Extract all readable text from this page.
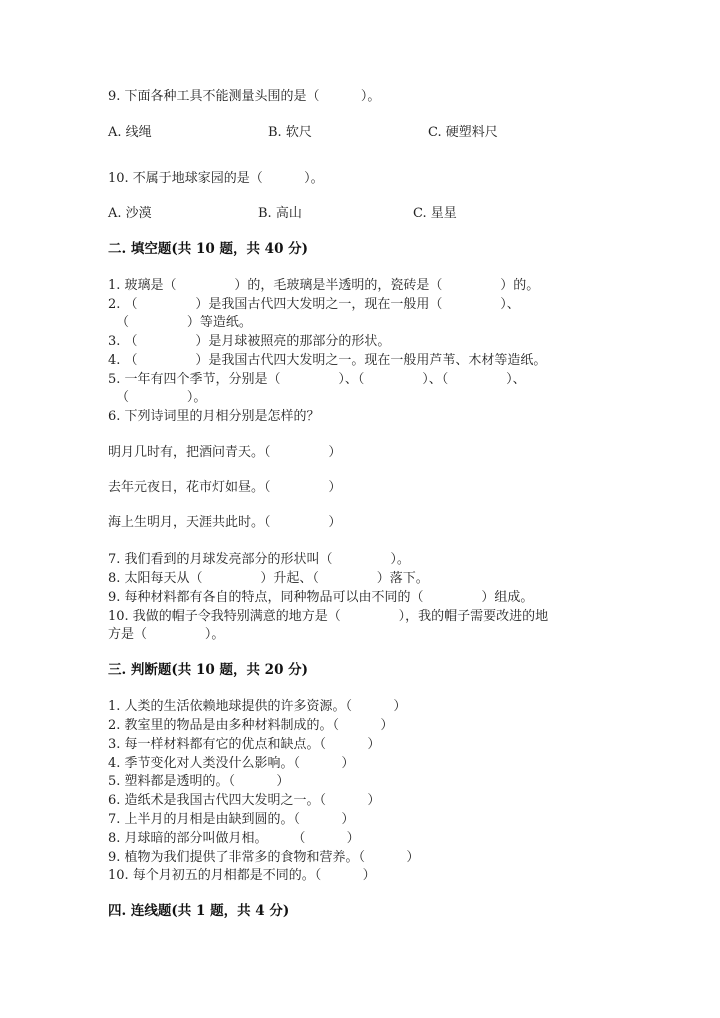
9. 下面各种工具不能测量头围的是（          ）。
A. 线绳	B. 软尺	C. 硬塑料尺
10. 不属于地球家园的是（          ）。
A. 沙漠	B. 高山	C. 星星
二. 填空题(共 10 题，共 40 分)
1. 玻璃是（              ）的，毛玻璃是半透明的，瓷砖是（              ）的。
2. （              ）是我国古代四大发明之一，现在一般用（              ）、
（              ）等造纸。
3. （              ）是月球被照亮的那部分的形状。
4. （              ）是我国古代四大发明之一。现在一般用芦苇、木材等造纸。
5. 一年有四个季节，分别是（              ）、（              ）、（              ）、
（              ）。
6. 下列诗词里的月相分别是怎样的？
明月几时有，把酒问青天。（              ）
去年元夜日，花市灯如昼。（              ）
海上生明月，天涯共此时。（              ）
7. 我们看到的月球发亮部分的形状叫（              ）。
8. 太阳每天从（              ）升起、（              ）落下。
9. 每种材料都有各自的特点，同种物品可以由不同的（              ）组成。
10. 我做的帽子令我特别满意的地方是（              ），我的帽子需要改进的地
方是（              ）。
三. 判断题(共 10 题，共 20 分)
1. 人类的生活依赖地球提供的许多资源。（          ）
2. 教室里的物品是由多种材料制成的。（          ）
3. 每一样材料都有它的优点和缺点。（          ）
4. 季节变化对人类没什么影响。（          ）
5. 塑料都是透明的。（          ）
6. 造纸术是我国古代四大发明之一。（          ）
7. 上半月的月相是由缺到圆的。（          ）
8. 月球暗的部分叫做月相。      （          ）
9. 植物为我们提供了非常多的食物和营养。（          ）
10. 每个月初五的月相都是不同的。（          ）
四. 连线题(共 1 题，共 4 分)
